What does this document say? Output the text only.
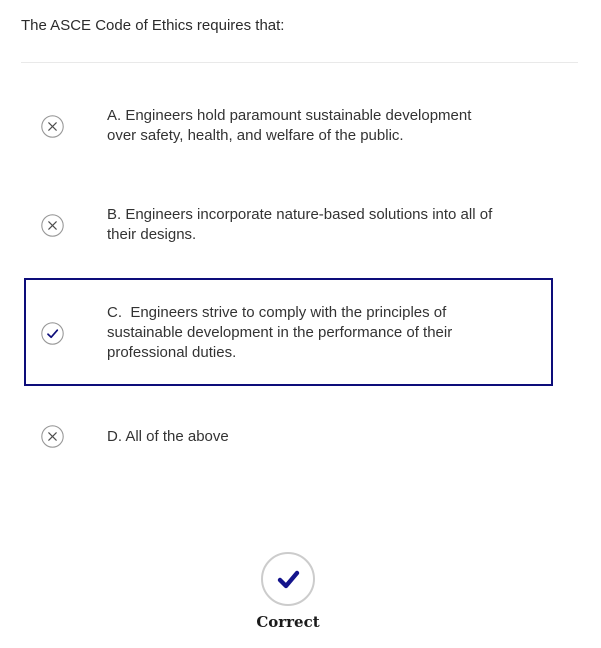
The ASCE Code of Ethics requires that:
A. Engineers hold paramount sustainable development
over safety, health, and welfare of the public.
B. Engineers incorporate nature-based solutions into all of
their designs.
C.  Engineers strive to comply with the principles of
sustainable development in the performance of their
professional duties.
D. All of the above
Correct
